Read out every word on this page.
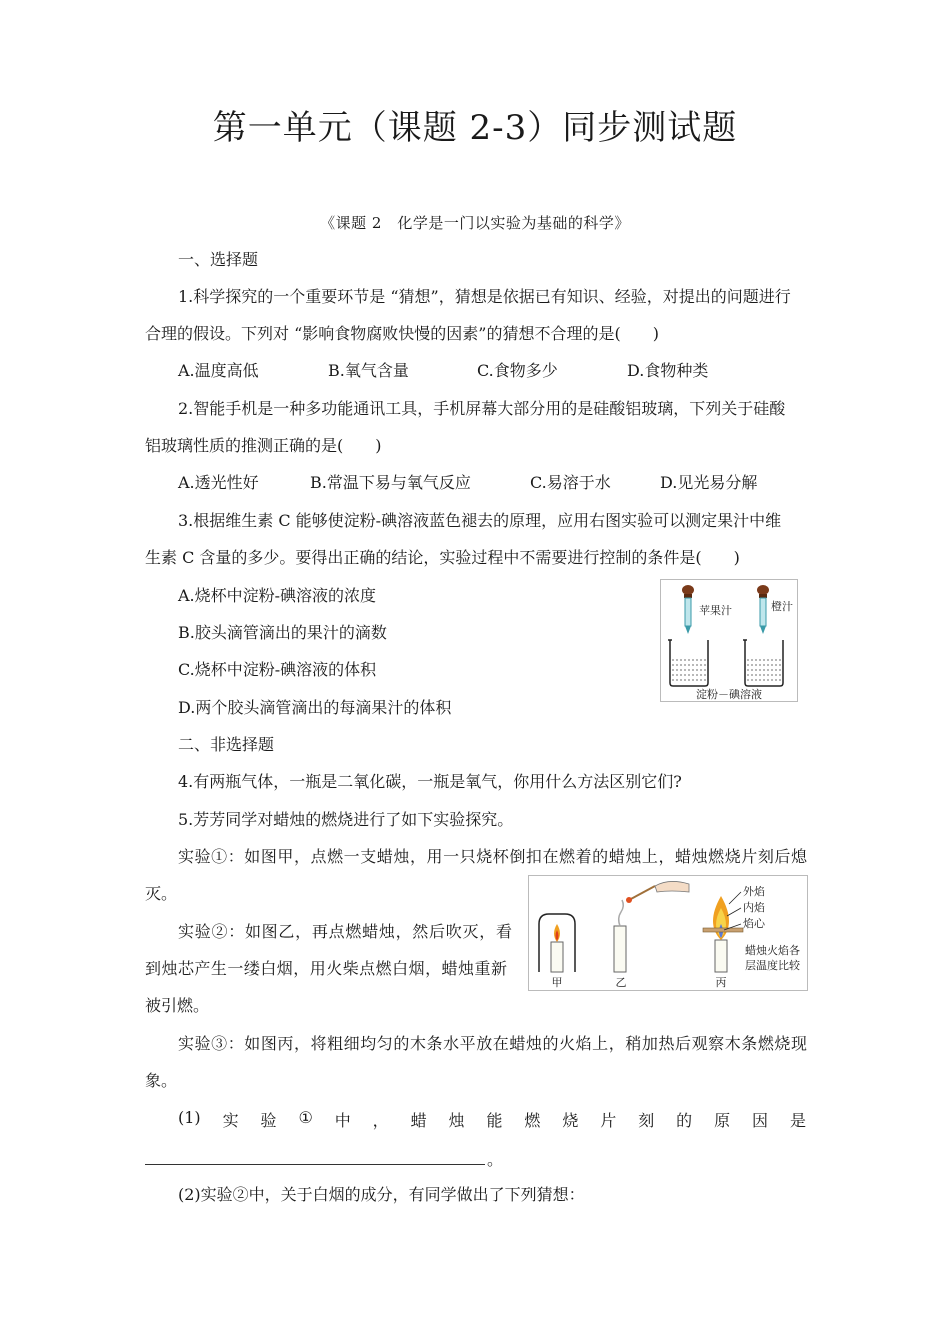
第一单元（课题 2-3）同步测试题
《课题 2　化学是一门以实验为基础的科学》
一、选择题
1.科学探究的一个重要环节是 “猜想”，猜想是依据已有知识、经验，对提出的问题进行
合理的假设。下列对 “影响食物腐败快慢的因素”的猜想不合理的是(　　)
A.温度高低	B.氧气含量	C.食物多少	D.食物种类
2.智能手机是一种多功能通讯工具，手机屏幕大部分用的是硅酸铝玻璃，下列关于硅酸
铝玻璃性质的推测正确的是(　　)
A.透光性好	B.常温下易与氧气反应	C.易溶于水	D.见光易分解
3.根据维生素 C 能够使淀粉-碘溶液蓝色褪去的原理，应用右图实验可以测定果汁中维
生素 C 含量的多少。要得出正确的结论，实验过程中不需要进行控制的条件是(　　)
A.烧杯中淀粉-碘溶液的浓度
B.胶头滴管滴出的果汁的滴数
C.烧杯中淀粉-碘溶液的体积
D.两个胶头滴管滴出的每滴果汁的体积
苹果汁	橙汁
淀粉－碘溶液
二、非选择题
4.有两瓶气体，一瓶是二氧化碳，一瓶是氧气，你用什么方法区别它们?
5.芳芳同学对蜡烛的燃烧进行了如下实验探究。
实验①：如图甲，点燃一支蜡烛，用一只烧杯倒扣在燃着的蜡烛上，蜡烛燃烧片刻后熄
灭。
实验②：如图乙，再点燃蜡烛，然后吹灭，看
到烛芯产生一缕白烟，用火柴点燃白烟，蜡烛重新
被引燃。
甲	乙
外焰
内焰
焰心
蜡烛火焰各
层温度比较
丙
实验③：如图丙，将粗细均匀的木条水平放在蜡烛的火焰上，稍加热后观察木条燃烧现
象。
(1) 实 验 ① 中 ， 蜡 烛 能 燃 烧 片 刻 的 原 因 是
。
(2)实验②中，关于白烟的成分，有同学做出了下列猜想：
